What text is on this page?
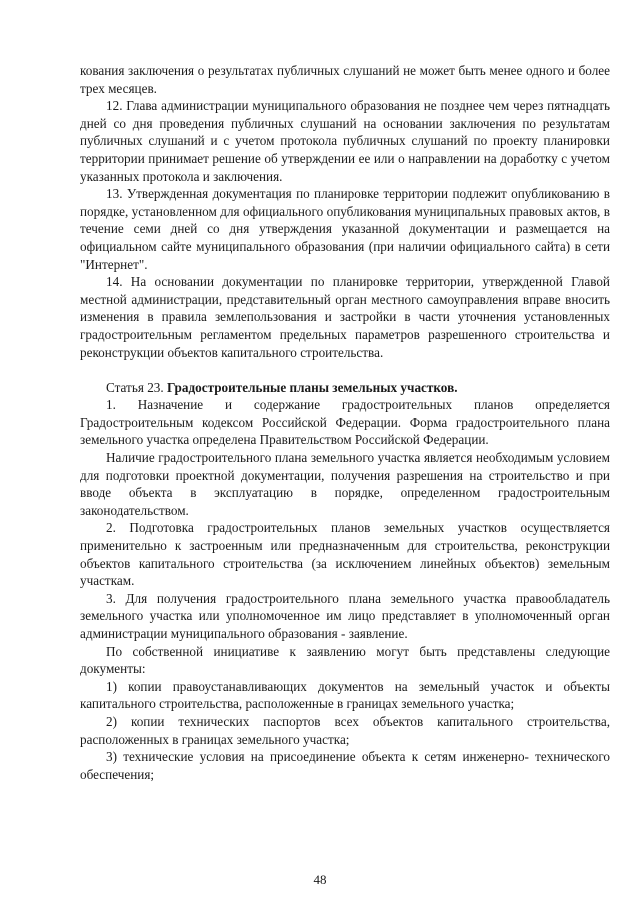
кования заключения о результатах публичных слушаний не может быть менее одного и более трех месяцев.

12. Глава администрации муниципального образования не позднее чем через пятнадцать дней со дня проведения публичных слушаний на основании заключения по результатам публичных слушаний и с учетом протокола публичных слушаний по проекту планировки территории принимает решение об утверждении ее или о направлении на доработку с учетом указанных протокола и заключения.

13. Утвержденная документация по планировке территории подлежит опубликованию в порядке, установленном для официального опубликования муниципальных правовых актов, в течение семи дней со дня утверждения указанной документации и размещается на официальном сайте муниципального образования (при наличии официального сайта) в сети "Интернет".

14. На основании документации по планировке территории, утвержденной Главой местной администрации, представительный орган местного самоуправления вправе вносить изменения в правила землепользования и застройки в части уточнения установленных градостроительным регламентом предельных параметров разрешенного строительства и реконструкции объектов капитального строительства.

Статья 23. Градостроительные планы земельных участков.

1. Назначение и содержание градостроительных планов определяется Градостроительным кодексом Российской Федерации. Форма градостроительного плана земельного участка определена Правительством Российской Федерации.

Наличие градостроительного плана земельного участка является необходимым условием для подготовки проектной документации, получения разрешения на строительство и при вводе объекта в эксплуатацию в порядке, определенном градостроительным законодательством.

2. Подготовка градостроительных планов земельных участков осуществляется применительно к застроенным или предназначенным для строительства, реконструкции объектов капитального строительства (за исключением линейных объектов) земельным участкам.

3. Для получения градостроительного плана земельного участка правообладатель земельного участка или уполномоченное им лицо представляет в уполномоченный орган администрации муниципального образования - заявление.

По собственной инициативе к заявлению могут быть представлены следующие документы:

1) копии правоустанавливающих документов на земельный участок и объекты капитального строительства, расположенные в границах земельного участка;

2) копии технических паспортов всех объектов капитального строительства, расположенных в границах земельного участка;

3) технические условия на присоединение объекта к сетям инженерно- технического обеспечения;

48
